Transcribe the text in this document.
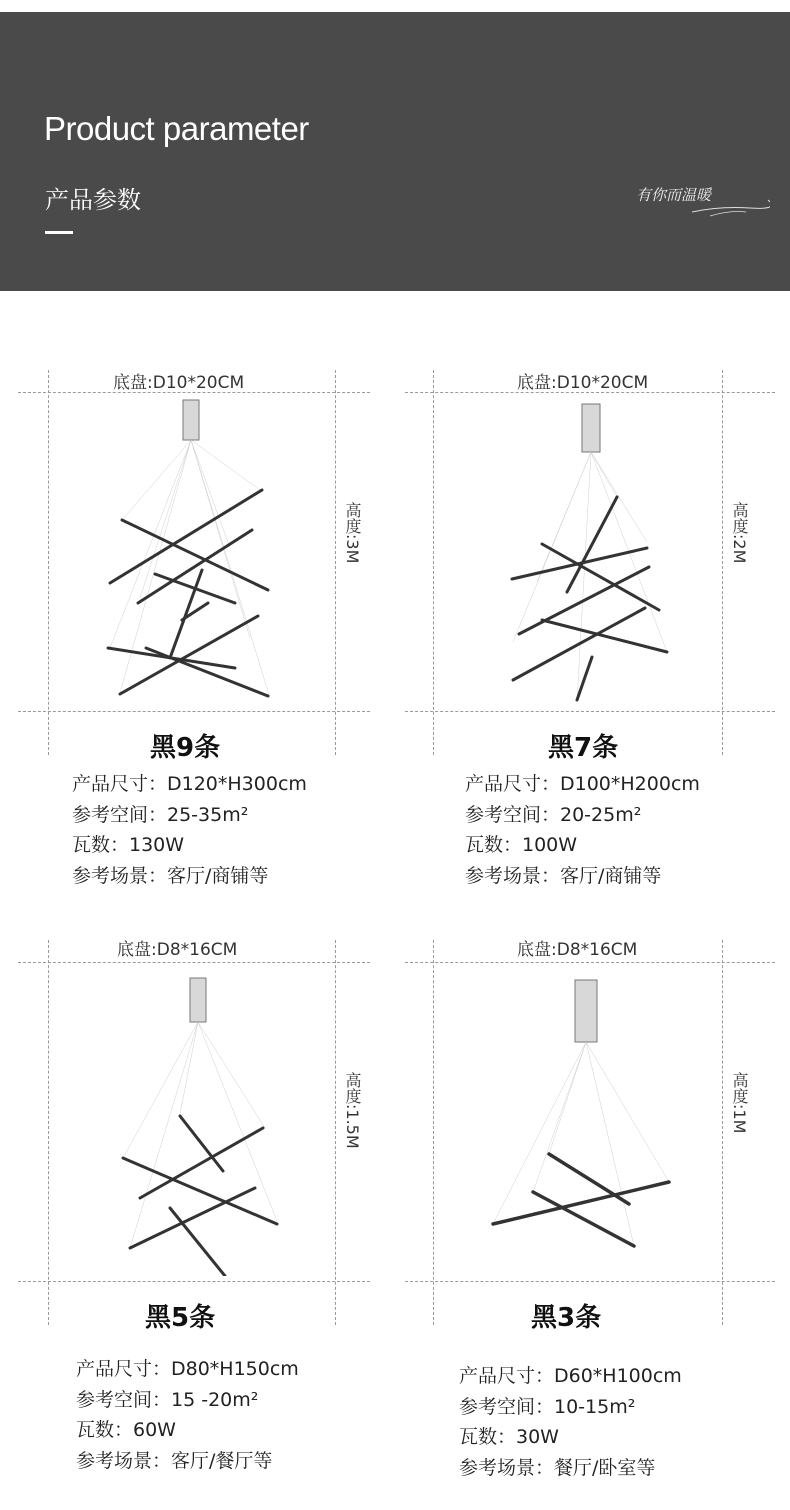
Product parameter
产品参数	有你而温暖
底盘:D10*20CM
高度:3M
黑9条
产品尺寸：D120*H300cm
参考空间：25-35m²
瓦数：130W
参考场景：客厅/商铺等
底盘:D10*20CM
高度:2M
黑7条
产品尺寸：D100*H200cm
参考空间：20-25m²
瓦数：100W
参考场景：客厅/商铺等
底盘:D8*16CM
高度:1.5M
黑5条
产品尺寸：D80*H150cm
参考空间：15 -20m²
瓦数：60W
参考场景：客厅/餐厅等
底盘:D8*16CM
高度:1M
黑3条
产品尺寸：D60*H100cm
参考空间：10-15m²
瓦数：30W
参考场景：餐厅/卧室等
